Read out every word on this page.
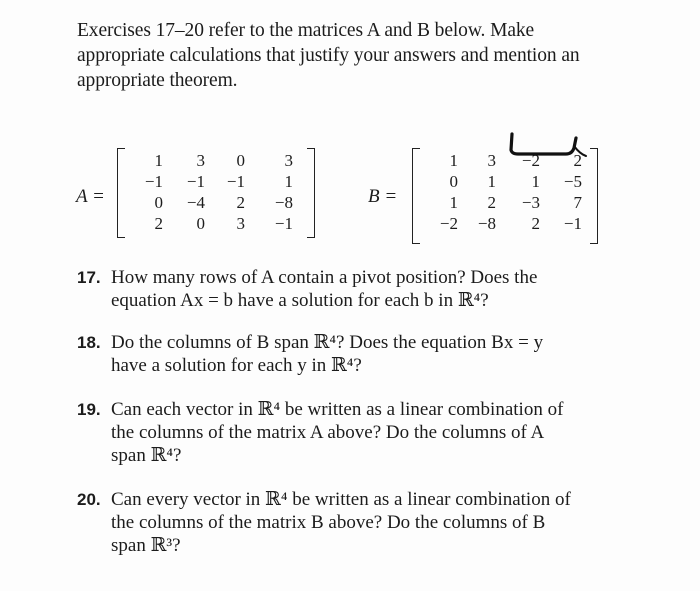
Exercises 17–20 refer to the matrices A and B below. Make
appropriate calculations that justify your answers and mention an
appropriate theorem.
A =
1	3	0	3
−1	−1	−1	1
0	−4	2	−8
2	0	3	−1
B =
1	3	−2	2
0	1	1	−5
1	2	−3	7
−2	−8	2	−1
17. How many rows of A contain a pivot position? Does the
equation Ax = b have a solution for each b in ℝ⁴?
18. Do the columns of B span ℝ⁴? Does the equation Bx = y
have a solution for each y in ℝ⁴?
19. Can each vector in ℝ⁴ be written as a linear combination of
the columns of the matrix A above? Do the columns of A
span ℝ⁴?
20. Can every vector in ℝ⁴ be written as a linear combination of
the columns of the matrix B above? Do the columns of B
span ℝ³?
